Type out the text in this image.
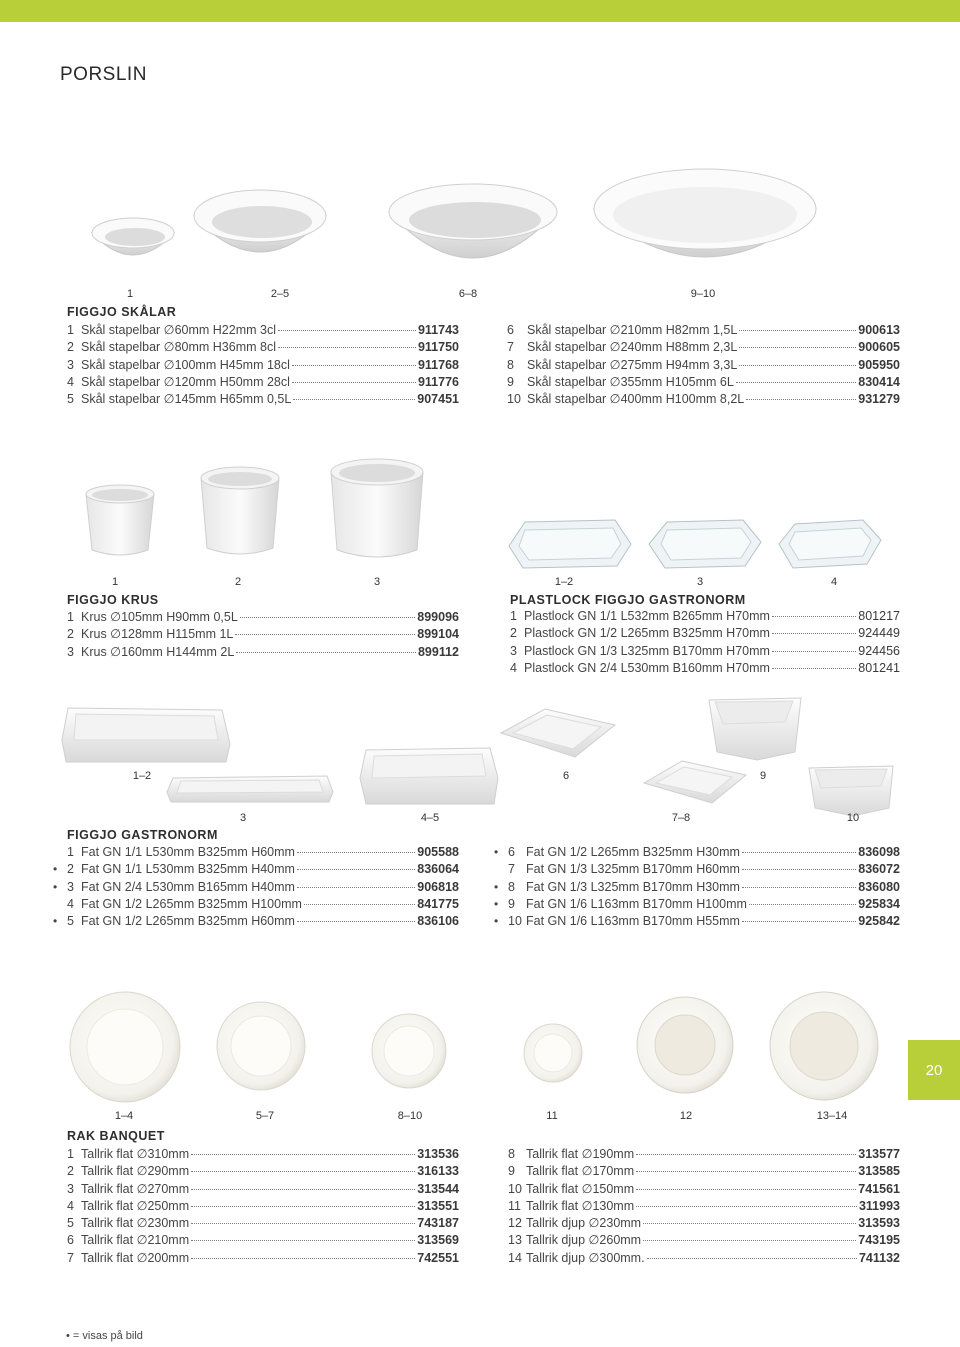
PORSLIN
20
1	2–5	6–8	9–10
FIGGJO SKÅLAR
1 Skål stapelbar ∅60mm H22mm 3cl	911743
2 Skål stapelbar ∅80mm H36mm 8cl	911750
3 Skål stapelbar ∅100mm H45mm 18cl	911768
4 Skål stapelbar ∅120mm H50mm 28cl	911776
5 Skål stapelbar ∅145mm H65mm 0,5L	907451
6	Skål stapelbar ∅210mm H82mm 1,5L	900613
7	Skål stapelbar ∅240mm H88mm 2,3L	900605
8	Skål stapelbar ∅275mm H94mm 3,3L	905950
9	Skål stapelbar ∅355mm H105mm 6L	830414
10 Skål stapelbar ∅400mm H100mm 8,2L	931279
1	2	3
FIGGJO KRUS
1 Krus ∅105mm H90mm 0,5L	899096
2 Krus ∅128mm H115mm 1L	899104
3 Krus ∅160mm H144mm 2L	899112
1–2	3	4
PLASTLOCK FIGGJO GASTRONORM
1 Plastlock GN 1/1 L532mm B265mm H70mm	801217
2 Plastlock GN 1/2 L265mm B325mm H70mm	924449
3 Plastlock GN 1/3 L325mm B170mm H70mm	924456
4 Plastlock GN 2/4 L530mm B160mm H70mm	801241
1–2
3	4–5
6
7–8
9
10
FIGGJO GASTRONORM
1 Fat GN 1/1 L530mm B325mm H60mm	905588
• 2 Fat GN 1/1 L530mm B325mm H40mm	836064
• 3 Fat GN 2/4 L530mm B165mm H40mm	906818
4 Fat GN 1/2 L265mm B325mm H100mm	841775
• 5 Fat GN 1/2 L265mm B325mm H60mm	836106
• 6 Fat GN 1/2 L265mm B325mm H30mm	836098
7 Fat GN 1/3 L325mm B170mm H60mm	836072
• 8 Fat GN 1/3 L325mm B170mm H30mm	836080
• 9 Fat GN 1/6 L163mm B170mm H100mm	925834
• 10 Fat GN 1/6 L163mm B170mm H55mm	925842
1–4	5–7	8–10	11	12	13–14
RAK BANQUET
1 Tallrik flat ∅310mm	313536
2 Tallrik flat ∅290mm	316133
3 Tallrik flat ∅270mm	313544
4 Tallrik flat ∅250mm	313551
5 Tallrik flat ∅230mm	743187
6 Tallrik flat ∅210mm	313569
7 Tallrik flat ∅200mm	742551
8 Tallrik flat ∅190mm	313577
9 Tallrik flat ∅170mm	313585
10 Tallrik flat ∅150mm	741561
11 Tallrik flat ∅130mm	311993
12 Tallrik djup ∅230mm	313593
13 Tallrik djup ∅260mm	743195
14 Tallrik djup ∅300mm.	741132
• = visas på bild
